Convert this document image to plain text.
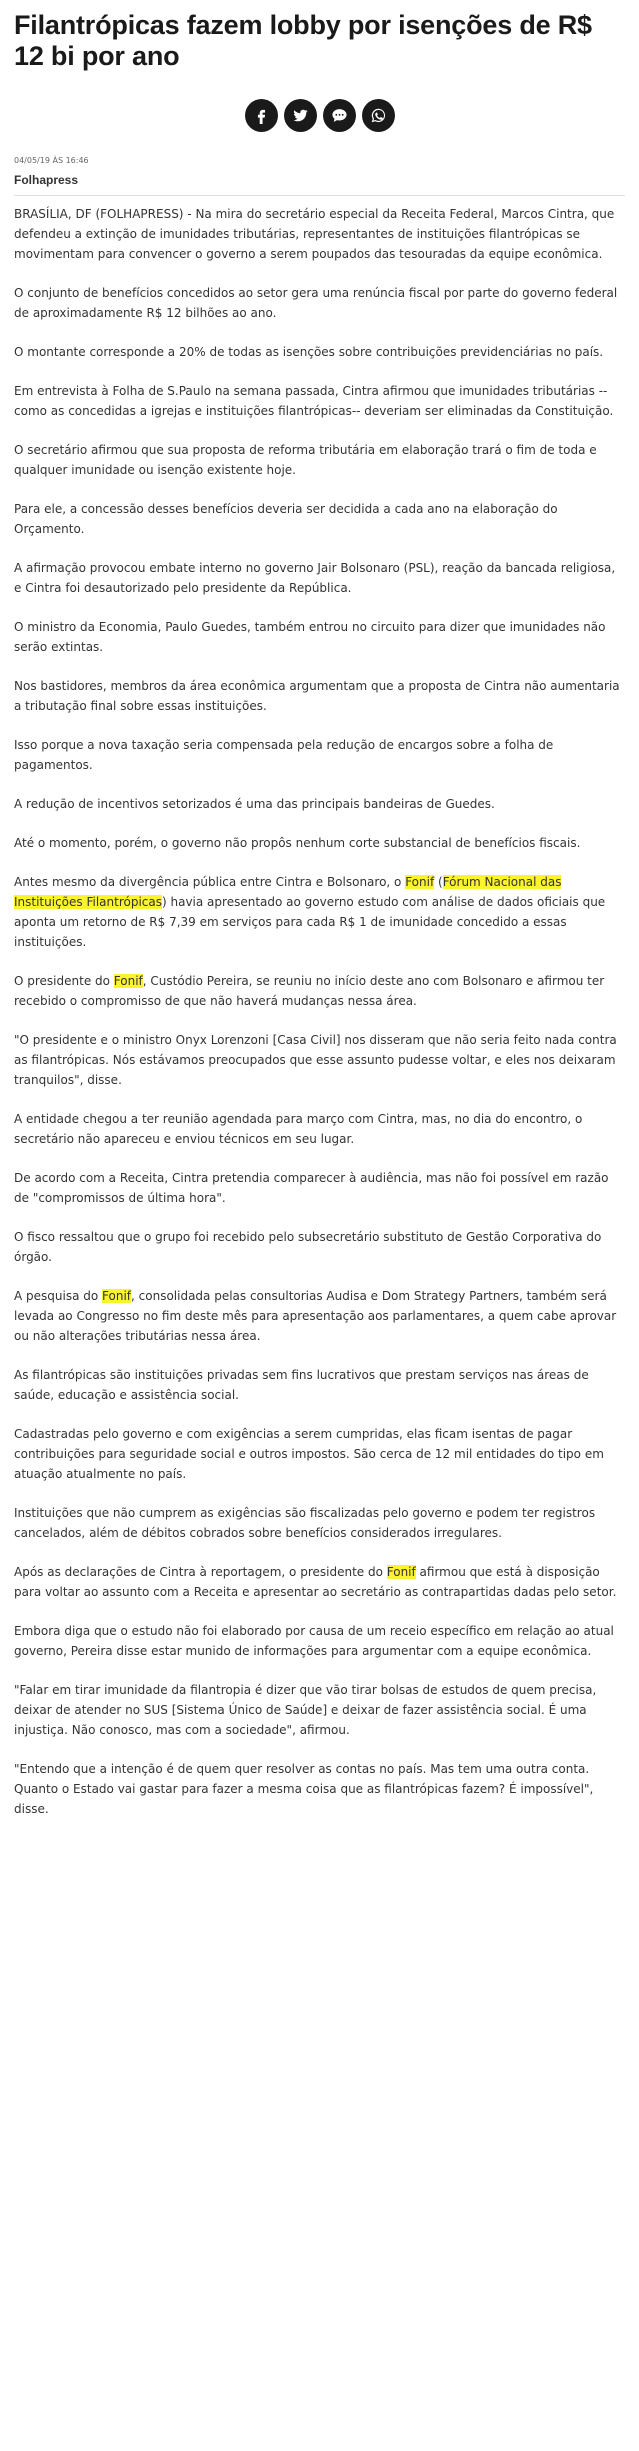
Filantrópicas fazem lobby por isenções de R$ 12 bi por ano
04/05/19 ÀS 16:46
Folhapress

BRASÍLIA, DF (FOLHAPRESS) - Na mira do secretário especial da Receita Federal, Marcos Cintra, que defendeu a extinção de imunidades tributárias, representantes de instituições filantrópicas se movimentam para convencer o governo a serem poupados das tesouradas da equipe econômica.

O conjunto de benefícios concedidos ao setor gera uma renúncia fiscal por parte do governo federal de aproximadamente R$ 12 bilhões ao ano.

O montante corresponde a 20% de todas as isenções sobre contribuições previdenciárias no país.

Em entrevista à Folha de S.Paulo na semana passada, Cintra afirmou que imunidades tributárias --como as concedidas a igrejas e instituições filantrópicas-- deveriam ser eliminadas da Constituição.

O secretário afirmou que sua proposta de reforma tributária em elaboração trará o fim de toda e qualquer imunidade ou isenção existente hoje.

Para ele, a concessão desses benefícios deveria ser decidida a cada ano na elaboração do Orçamento.

A afirmação provocou embate interno no governo Jair Bolsonaro (PSL), reação da bancada religiosa, e Cintra foi desautorizado pelo presidente da República.

O ministro da Economia, Paulo Guedes, também entrou no circuito para dizer que imunidades não serão extintas.

Nos bastidores, membros da área econômica argumentam que a proposta de Cintra não aumentaria a tributação final sobre essas instituições.

Isso porque a nova taxação seria compensada pela redução de encargos sobre a folha de pagamentos.

A redução de incentivos setorizados é uma das principais bandeiras de Guedes.

Até o momento, porém, o governo não propôs nenhum corte substancial de benefícios fiscais.

Antes mesmo da divergência pública entre Cintra e Bolsonaro, o Fonif (Fórum Nacional das Instituições Filantrópicas) havia apresentado ao governo estudo com análise de dados oficiais que aponta um retorno de R$ 7,39 em serviços para cada R$ 1 de imunidade concedido a essas instituições.

O presidente do Fonif, Custódio Pereira, se reuniu no início deste ano com Bolsonaro e afirmou ter recebido o compromisso de que não haverá mudanças nessa área.

"O presidente e o ministro Onyx Lorenzoni [Casa Civil] nos disseram que não seria feito nada contra as filantrópicas. Nós estávamos preocupados que esse assunto pudesse voltar, e eles nos deixaram tranquilos", disse.

A entidade chegou a ter reunião agendada para março com Cintra, mas, no dia do encontro, o secretário não apareceu e enviou técnicos em seu lugar.

De acordo com a Receita, Cintra pretendia comparecer à audiência, mas não foi possível em razão de "compromissos de última hora".

O fisco ressaltou que o grupo foi recebido pelo subsecretário substituto de Gestão Corporativa do órgão.

A pesquisa do Fonif, consolidada pelas consultorias Audisa e Dom Strategy Partners, também será levada ao Congresso no fim deste mês para apresentação aos parlamentares, a quem cabe aprovar ou não alterações tributárias nessa área.

As filantrópicas são instituições privadas sem fins lucrativos que prestam serviços nas áreas de saúde, educação e assistência social.

Cadastradas pelo governo e com exigências a serem cumpridas, elas ficam isentas de pagar contribuições para seguridade social e outros impostos. São cerca de 12 mil entidades do tipo em atuação atualmente no país.

Instituições que não cumprem as exigências são fiscalizadas pelo governo e podem ter registros cancelados, além de débitos cobrados sobre benefícios considerados irregulares.

Após as declarações de Cintra à reportagem, o presidente do Fonif afirmou que está à disposição para voltar ao assunto com a Receita e apresentar ao secretário as contrapartidas dadas pelo setor.

Embora diga que o estudo não foi elaborado por causa de um receio específico em relação ao atual governo, Pereira disse estar munido de informações para argumentar com a equipe econômica.

"Falar em tirar imunidade da filantropia é dizer que vão tirar bolsas de estudos de quem precisa, deixar de atender no SUS [Sistema Único de Saúde] e deixar de fazer assistência social. É uma injustiça. Não conosco, mas com a sociedade", afirmou.

"Entendo que a intenção é de quem quer resolver as contas no país. Mas tem uma outra conta. Quanto o Estado vai gastar para fazer a mesma coisa que as filantrópicas fazem? É impossível", disse.
